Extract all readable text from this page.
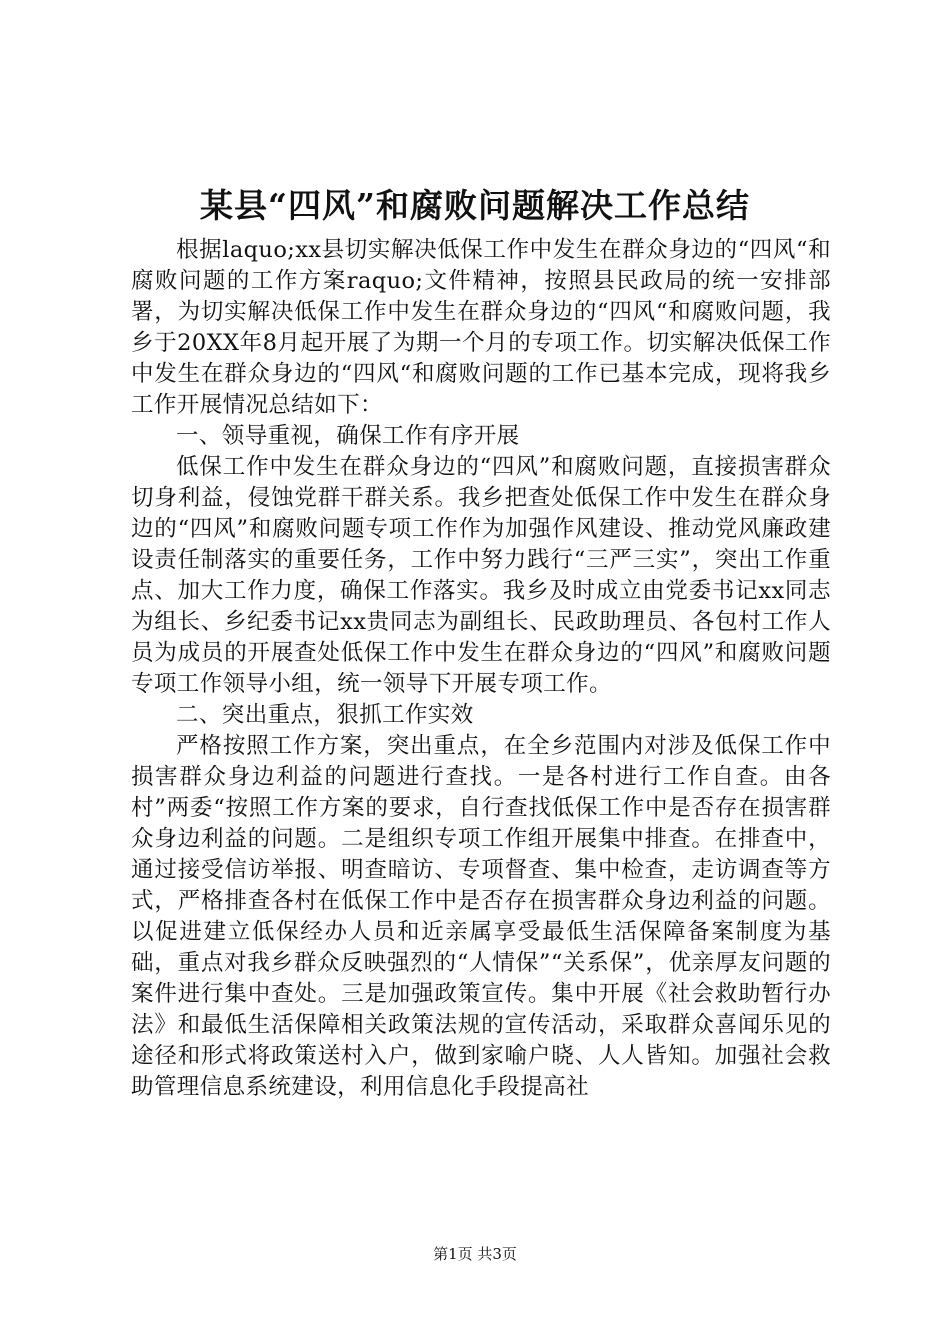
某县“四风”和腐败问题解决工作总结

根据laquo;xx县切实解决低保工作中发生在群众身边的“四风“和腐败问题的工作方案raquo;文件精神，按照县民政局的统一安排部署，为切实解决低保工作中发生在群众身边的“四风“和腐败问题，我乡于20XX年8月起开展了为期一个月的专项工作。切实解决低保工作中发生在群众身边的“四风“和腐败问题的工作已基本完成，现将我乡工作开展情况总结如下：

一、领导重视，确保工作有序开展

低保工作中发生在群众身边的“四风”和腐败问题，直接损害群众切身利益，侵蚀党群干群关系。我乡把查处低保工作中发生在群众身边的“四风”和腐败问题专项工作作为加强作风建设、推动党风廉政建设责任制落实的重要任务，工作中努力践行“三严三实”，突出工作重点、加大工作力度，确保工作落实。我乡及时成立由党委书记xx同志为组长、乡纪委书记xx贵同志为副组长、民政助理员、各包村工作人员为成员的开展查处低保工作中发生在群众身边的“四风”和腐败问题专项工作领导小组，统一领导下开展专项工作。

二、突出重点，狠抓工作实效

严格按照工作方案，突出重点，在全乡范围内对涉及低保工作中损害群众身边利益的问题进行查找。一是各村进行工作自查。由各村”两委“按照工作方案的要求，自行查找低保工作中是否存在损害群众身边利益的问题。二是组织专项工作组开展集中排查。在排查中，通过接受信访举报、明查暗访、专项督查、集中检查，走访调查等方式，严格排查各村在低保工作中是否存在损害群众身边利益的问题。以促进建立低保经办人员和近亲属享受最低生活保障备案制度为基础，重点对我乡群众反映强烈的“人情保”“关系保”，优亲厚友问题的案件进行集中查处。三是加强政策宣传。集中开展《社会救助暂行办法》和最低生活保障相关政策法规的宣传活动，采取群众喜闻乐见的途径和形式将政策送村入户，做到家喻户晓、人人皆知。加强社会救助管理信息系统建设，利用信息化手段提高社

第1页 共3页
